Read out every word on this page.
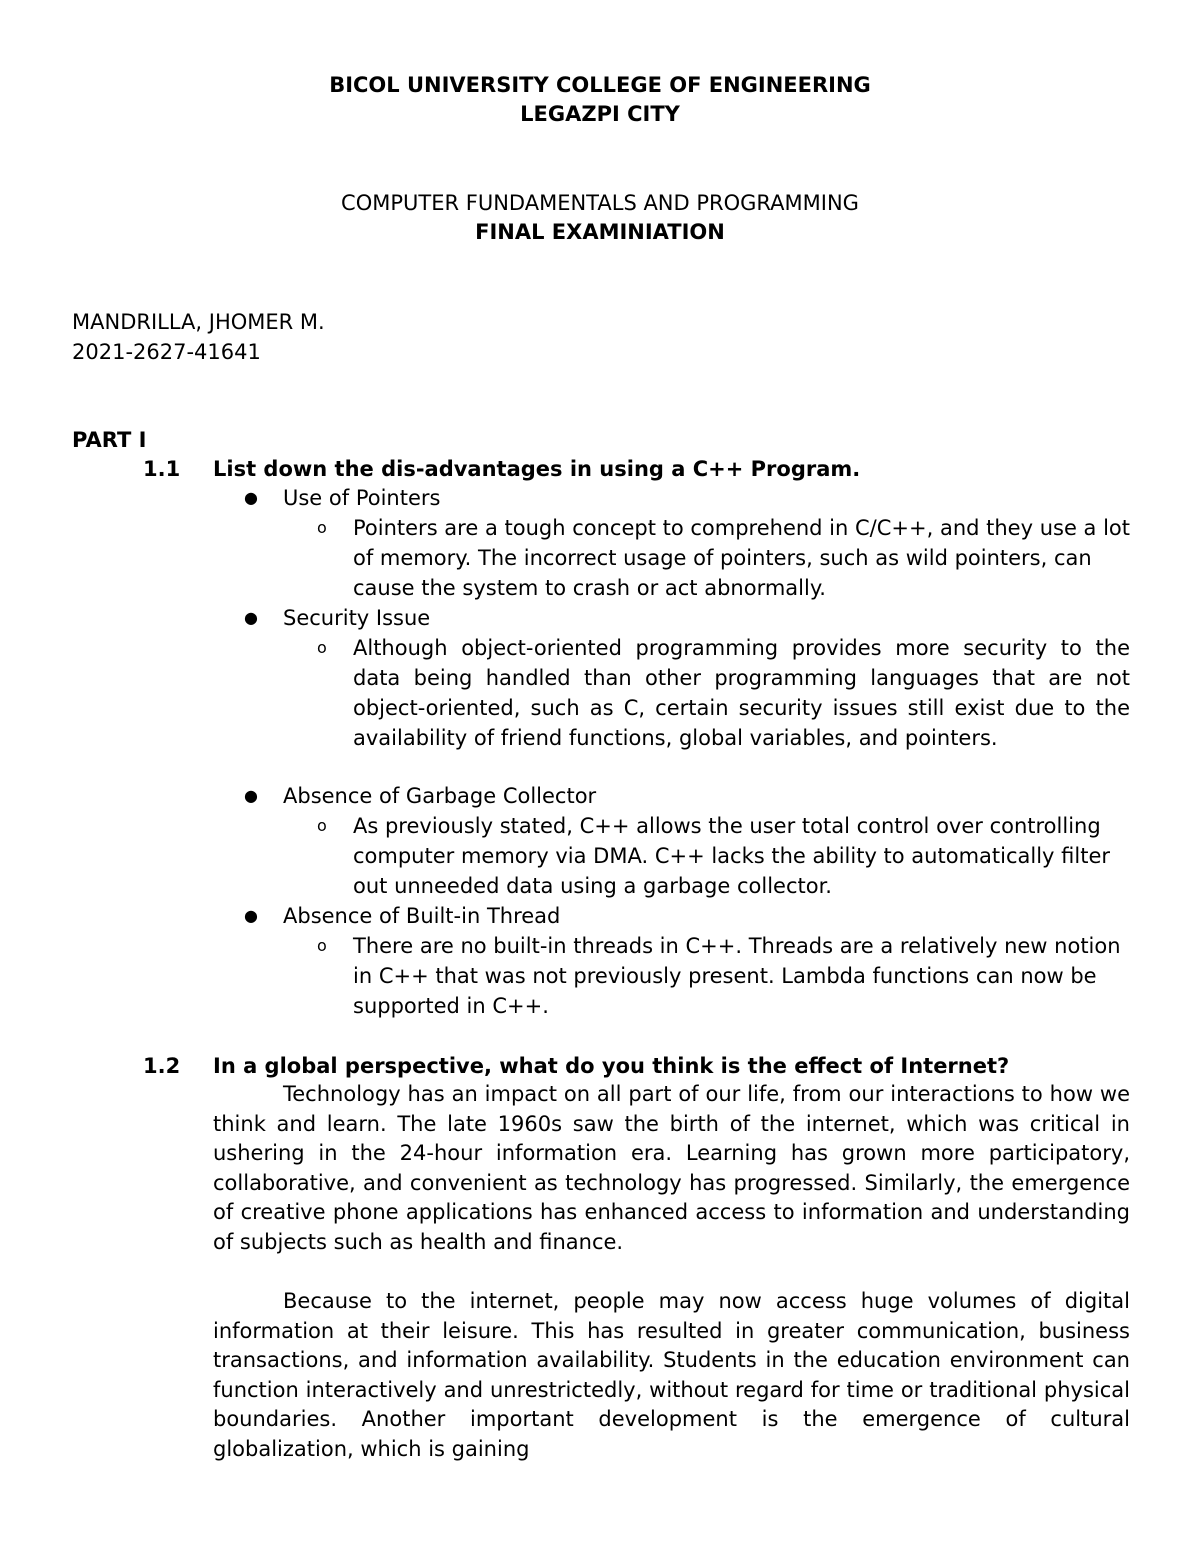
BICOL UNIVERSITY COLLEGE OF ENGINEERING
LEGAZPI CITY
COMPUTER FUNDAMENTALS AND PROGRAMMING
FINAL EXAMINIATION
MANDRILLA, JHOMER M.
2021-2627-41641
PART I
1.1 List down the dis-advantages in using a C++ Program.
● Use of Pointers
o Pointers are a tough concept to comprehend in C/C++, and they use a lot of memory. The incorrect usage of pointers, such as wild pointers, can cause the system to crash or act abnormally.
● Security Issue
o Although object-oriented programming provides more security to the data being handled than other programming languages that are not object-oriented, such as C, certain security issues still exist due to the availability of friend functions, global variables, and pointers.
● Absence of Garbage Collector
o As previously stated, C++ allows the user total control over controlling computer memory via DMA. C++ lacks the ability to automatically filter out unneeded data using a garbage collector.
● Absence of Built-in Thread
o There are no built-in threads in C++. Threads are a relatively new notion in C++ that was not previously present. Lambda functions can now be supported in C++.
1.2 In a global perspective, what do you think is the effect of Internet?

Technology has an impact on all part of our life, from our interactions to how we think and learn. The late 1960s saw the birth of the internet, which was critical in ushering in the 24-hour information era. Learning has grown more participatory, collaborative, and convenient as technology has progressed. Similarly, the emergence of creative phone applications has enhanced access to information and understanding of subjects such as health and finance.

Because to the internet, people may now access huge volumes of digital information at their leisure. This has resulted in greater communication, business transactions, and information availability. Students in the education environment can function interactively and unrestrictedly, without regard for time or traditional physical boundaries. Another important development is the emergence of cultural globalization, which is gaining
